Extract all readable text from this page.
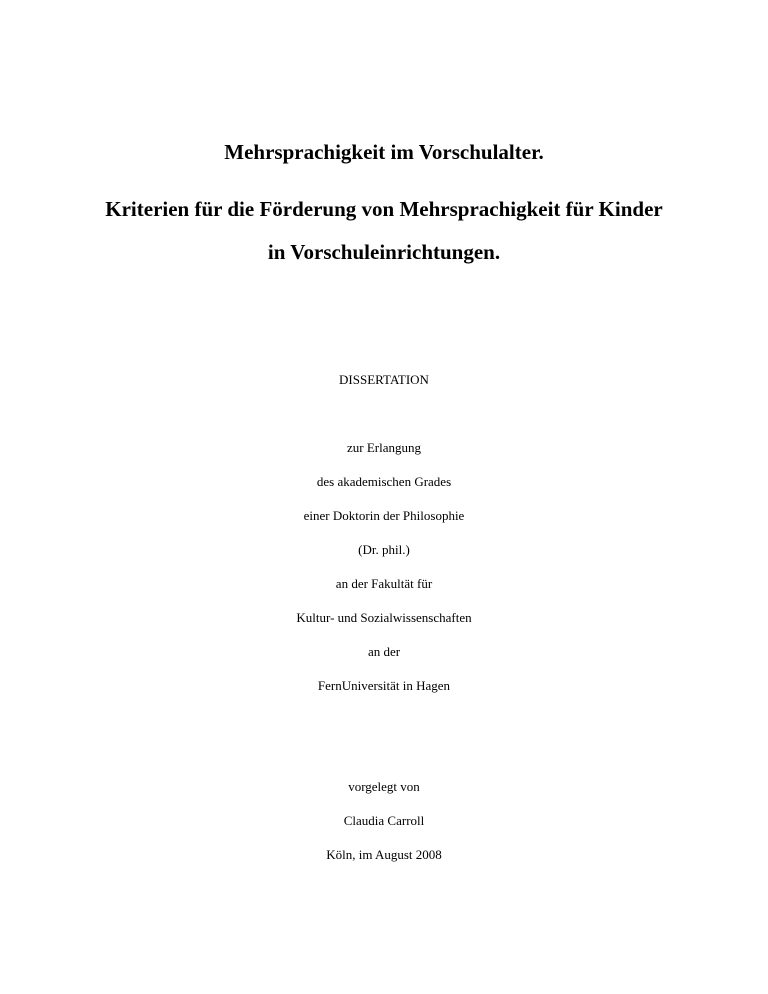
Mehrsprachigkeit im Vorschulalter.
Kriterien für die Förderung von Mehrsprachigkeit für Kinder
in Vorschuleinrichtungen.
DISSERTATION
zur Erlangung
des akademischen Grades
einer Doktorin der Philosophie
(Dr. phil.)
an der Fakultät für
Kultur- und Sozialwissenschaften
an der
FernUniversität in Hagen
vorgelegt von
Claudia Carroll
Köln, im August 2008
